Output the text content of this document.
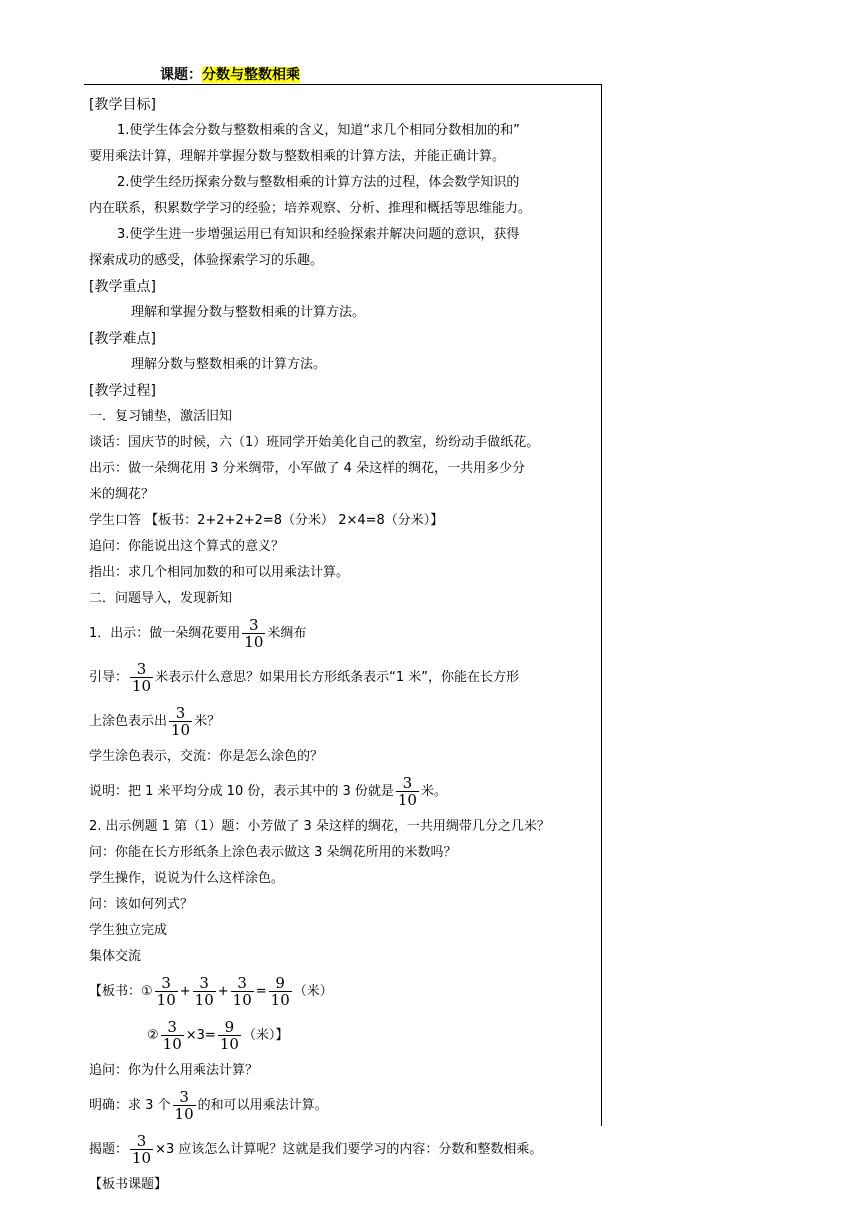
课题：分数与整数相乘

[教学目标]

1.使学生体会分数与整数相乘的含义，知道“求几个相同分数相加的和”

要用乘法计算，理解并掌握分数与整数相乘的计算方法，并能正确计算。

2.使学生经历探索分数与整数相乘的计算方法的过程，体会数学知识的

内在联系，积累数学学习的经验；培养观察、分析、推理和概括等思维能力。

3.使学生进一步增强运用已有知识和经验探索并解决问题的意识，获得

探索成功的感受，体验探索学习的乐趣。

[教学重点]

理解和掌握分数与整数相乘的计算方法。

[教学难点]

理解分数与整数相乘的计算方法。

[教学过程]

一．复习铺垫，激活旧知

谈话：国庆节的时候，六（1）班同学开始美化自己的教室，纷纷动手做纸花。

出示：做一朵绸花用 3 分米绸带，小军做了 4 朵这样的绸花，一共用多少分

米的绸花？

学生口答 【板书：2+2+2+2=8（分米） 2×4=8（分米）】

追问：你能说出这个算式的意义？

指出：求几个相同加数的和可以用乘法计算。

二．问题导入，发现新知

1．出示：做一朵绸花要用 $\frac{3}{10}$ 米绸布

引导： $\frac{3}{10}$ 米表示什么意思？如果用长方形纸条表示“1 米”，你能在长方形

上涂色表示出 $\frac{3}{10}$ 米？

学生涂色表示，交流：你是怎么涂色的？

说明：把 1 米平均分成 10 份，表示其中的 3 份就是 $\frac{3}{10}$ 米。

2. 出示例题 1 第（1）题：小芳做了 3 朵这样的绸花，一共用绸带几分之几米？

问：你能在长方形纸条上涂色表示做这 3 朵绸花所用的米数吗？

学生操作，说说为什么这样涂色。

问：该如何列式？

学生独立完成

集体交流

【板书：① $\frac{3}{10} + \frac{3}{10} + \frac{3}{10} = \frac{9}{10}$ （米）

② $\frac{3}{10} \times 3= \frac{9}{10}$ （米）】

追问：你为什么用乘法计算？

明确：求 3 个 $\frac{3}{10}$ 的和可以用乘法计算。

揭题： $\frac{3}{10} \times 3$ 应该怎么计算呢？这就是我们要学习的内容：分数和整数相乘。

【板书课题】
